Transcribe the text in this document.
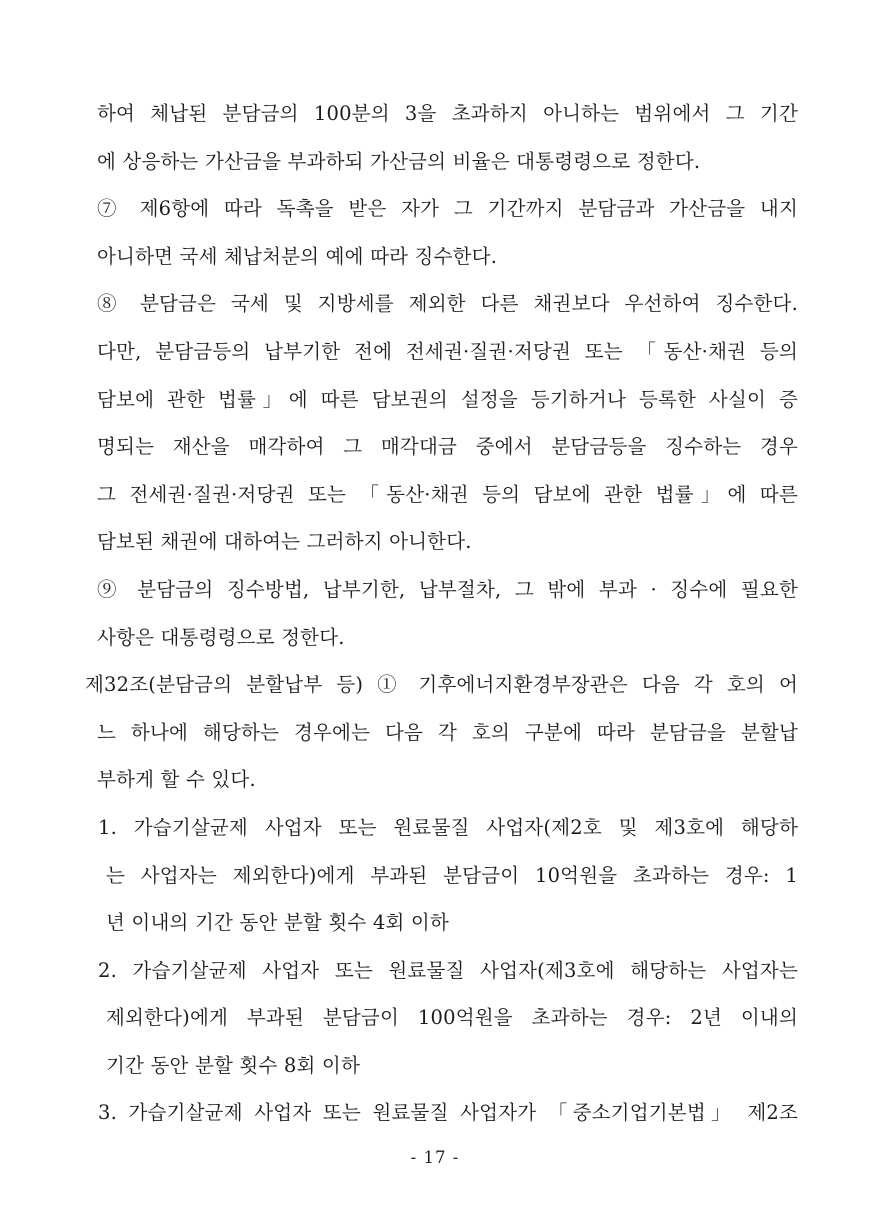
하여 체납된 분담금의 100분의 3을 초과하지 아니하는 범위에서 그 기간
에 상응하는 가산금을 부과하되 가산금의 비율은 대통령령으로 정한다.
⑦ 제6항에 따라 독촉을 받은 자가 그 기간까지 분담금과 가산금을 내지
아니하면 국세 체납처분의 예에 따라 징수한다.
⑧ 분담금은 국세 및 지방세를 제외한 다른 채권보다 우선하여 징수한다.
다만, 분담금등의 납부기한 전에 전세권·질권·저당권 또는 「동산·채권 등의
담보에 관한 법률」에 따른 담보권의 설정을 등기하거나 등록한 사실이 증
명되는 재산을 매각하여 그 매각대금 중에서 분담금등을 징수하는 경우
그 전세권·질권·저당권 또는 「동산·채권 등의 담보에 관한 법률」에 따른
담보된 채권에 대하여는 그러하지 아니한다.
⑨ 분담금의 징수방법, 납부기한, 납부절차, 그 밖에 부과 · 징수에 필요한
사항은 대통령령으로 정한다.
제32조(분담금의 분할납부 등) ① 기후에너지환경부장관은 다음 각 호의 어
느 하나에 해당하는 경우에는 다음 각 호의 구분에 따라 분담금을 분할납
부하게 할 수 있다.
1. 가습기살균제 사업자 또는 원료물질 사업자(제2호 및 제3호에 해당하
는 사업자는 제외한다)에게 부과된 분담금이 10억원을 초과하는 경우: 1
년 이내의 기간 동안 분할 횟수 4회 이하
2. 가습기살균제 사업자 또는 원료물질 사업자(제3호에 해당하는 사업자는
제외한다)에게 부과된 분담금이 100억원을 초과하는 경우: 2년 이내의
기간 동안 분할 횟수 8회 이하
3. 가습기살균제 사업자 또는 원료물질 사업자가 「중소기업기본법」 제2조
- 17 -
